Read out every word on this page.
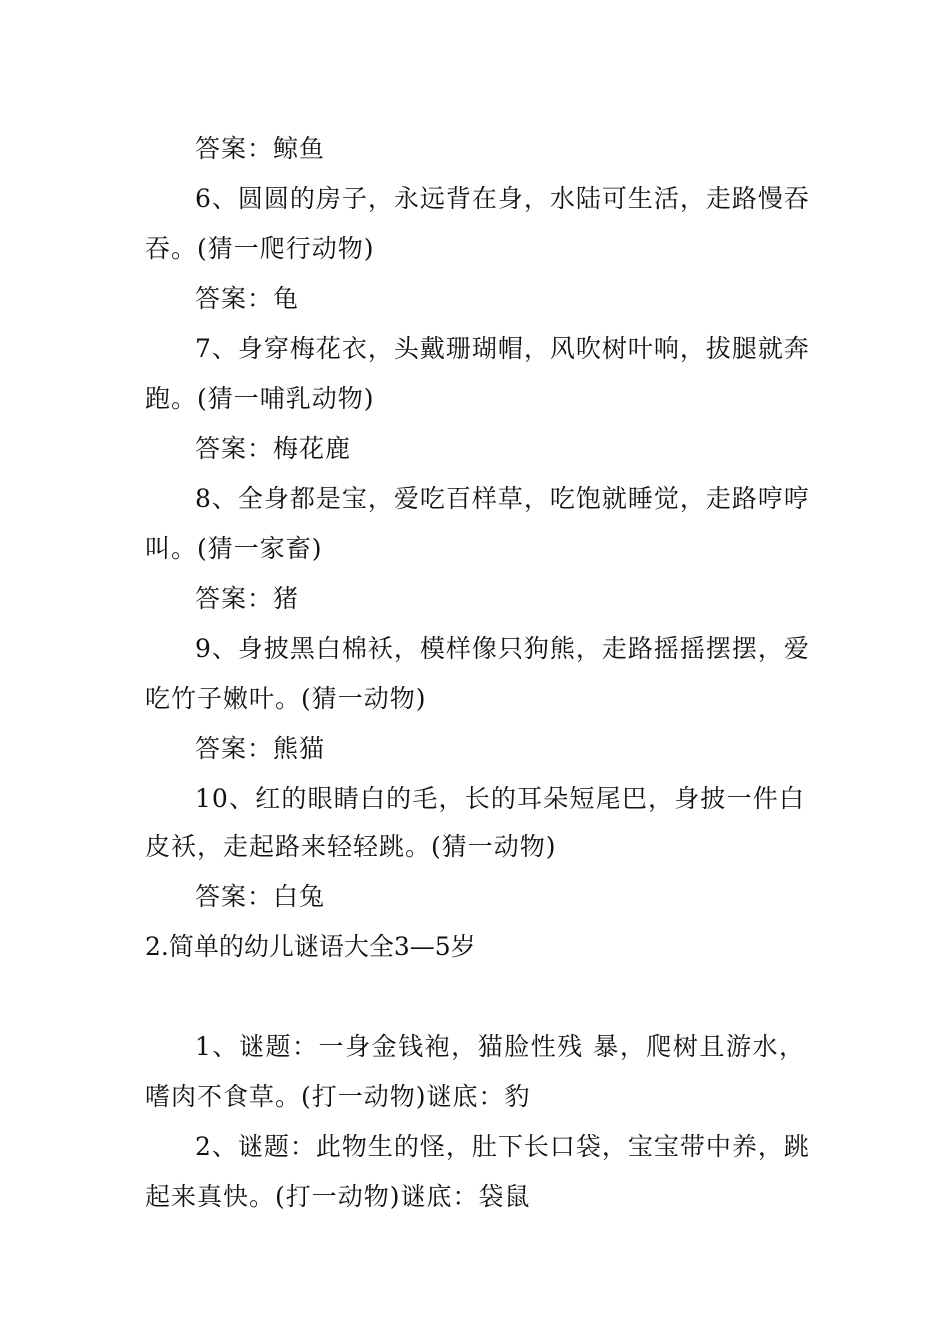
答案：鲸鱼
6、圆圆的房子，永远背在身，水陆可生活，走路慢吞
吞。(猜一爬行动物)
答案：龟
7、身穿梅花衣，头戴珊瑚帽，风吹树叶响，拔腿就奔
跑。(猜一哺乳动物)
答案：梅花鹿
8、全身都是宝，爱吃百样草，吃饱就睡觉，走路哼哼
叫。(猜一家畜)
答案：猪
9、身披黑白棉袄，模样像只狗熊，走路摇摇摆摆，爱
吃竹子嫩叶。(猜一动物)
答案：熊猫
10、红的眼睛白的毛，长的耳朵短尾巴，身披一件白
皮袄，走起路来轻轻跳。(猜一动物)
答案：白兔
2.简单的幼儿谜语大全3—5岁
1、谜题：一身金钱袍，猫脸性残 暴，爬树且游水，
嗜肉不食草。(打一动物)谜底：豹
2、谜题：此物生的怪，肚下长口袋，宝宝带中养，跳
起来真快。(打一动物)谜底：袋鼠
